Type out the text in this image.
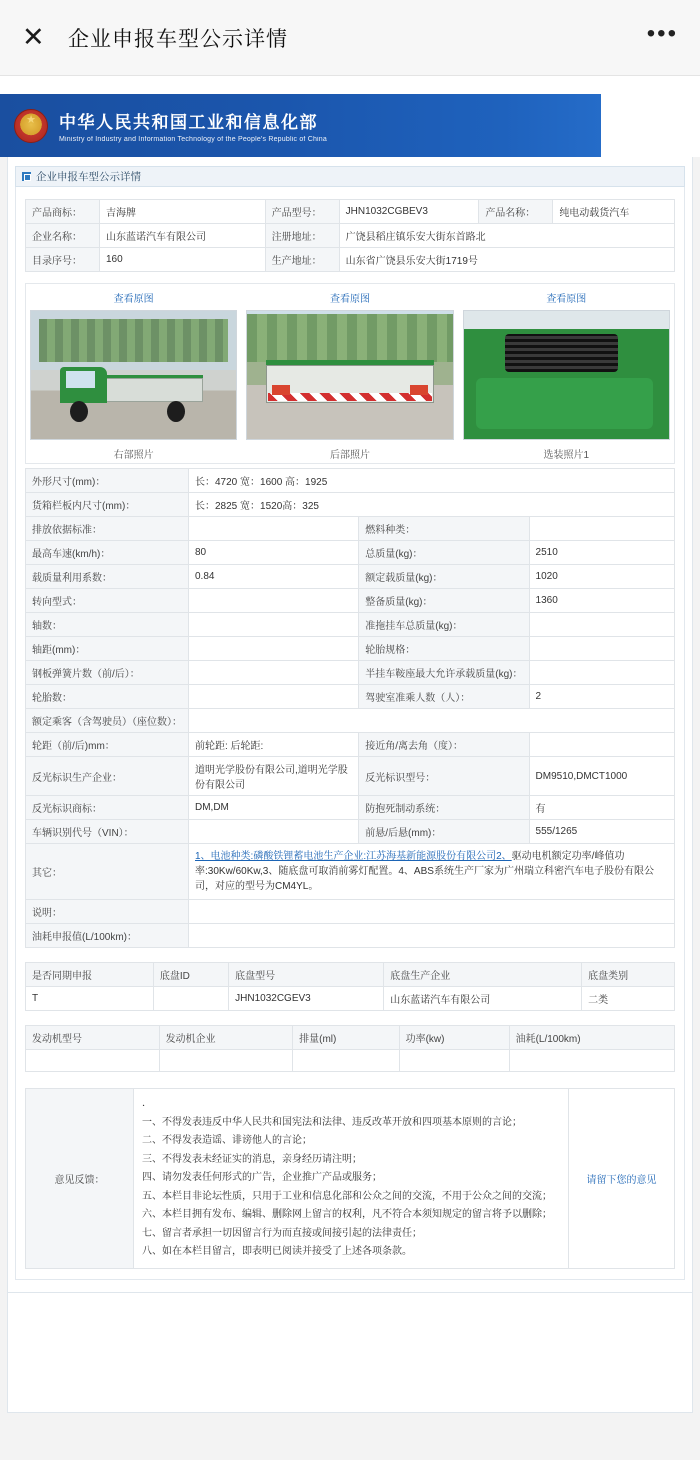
✕	企业申报车型公示详情	•••
★
中华人民共和国工业和信息化部
Ministry of Industry and Information Technology of the People's Republic of China
企业申报车型公示详情
产品商标：	吉海牌	产品型号：	JHN1032CGBEV3	产品名称：	纯电动载货汽车
企业名称：	山东蓝诺汽车有限公司	注册地址：	广饶县稻庄镇乐安大街东首路北		
目录序号：	160	生产地址：	山东省广饶县乐安大街1719号		
查看原图
右部照片
查看原图
后部照片
查看原图
选装照片1
外形尺寸(mm)：	长：4720 宽：1600 高：1925		
货箱栏板内尺寸(mm)：	长：2825 宽：1520高：325		
排放依据标准：		燃料种类：	
最高车速(km/h)：	80	总质量(kg)：	2510
载质量利用系数：	0.84	额定载质量(kg)：	1020
转向型式：		整备质量(kg)：	1360
轴数：		准拖挂车总质量(kg)：	
轴距(mm)：		轮胎规格：	
钢板弹簧片数（前/后）：		半挂车鞍座最大允许承载质量(kg)：	
轮胎数：		驾驶室准乘人数（人）：	2
额定乘客（含驾驶员）（座位数）：			
轮距（前/后)mm：	前轮距: 后轮距:	接近角/离去角（度）：	
反光标识生产企业：	道明光学股份有限公司,道明光学股份有限公司	反光标识型号：	DM9510,DMCT1000
反光标识商标：	DM,DM	防抱死制动系统：	有
车辆识别代号（VIN）：		前悬/后悬(mm)：	555/1265
其它：	1、电池种类:磷酸铁锂蓄电池生产企业:江苏海基新能源股份有限公司2、驱动电机额定功率/峰值功率:30Kw/60Kw,3、随底盘可取消前雾灯配置。4、ABS系统生产厂家为广州瑞立科密汽车电子股份有限公司，对应的型号为CM4YL。		
说明：			
油耗申报值(L/100km)：			
是否同期申报	底盘ID	底盘型号	底盘生产企业	底盘类别
T		JHN1032CGEV3	山东蓝诺汽车有限公司	二类
发动机型号	发动机企业	排量(ml)	功率(kw)	油耗(L/100km)

意见反馈：	
．
一、不得发表违反中华人民共和国宪法和法律、违反改革开放和四项基本原则的言论；
二、不得发表造谣、诽谤他人的言论；
三、不得发表未经证实的消息，亲身经历请注明；
四、请勿发表任何形式的广告，企业推广产品或服务；
五、本栏目非论坛性质，只用于工业和信息化部和公众之间的交流，不用于公众之间的交流；
六、本栏目拥有发布、编辑、删除网上留言的权利，凡不符合本须知规定的留言将予以删除；
七、留言者承担一切因留言行为而直接或间接引起的法律责任；
八、如在本栏目留言，即表明已阅读并接受了上述各项条款。
	请留下您的意见
